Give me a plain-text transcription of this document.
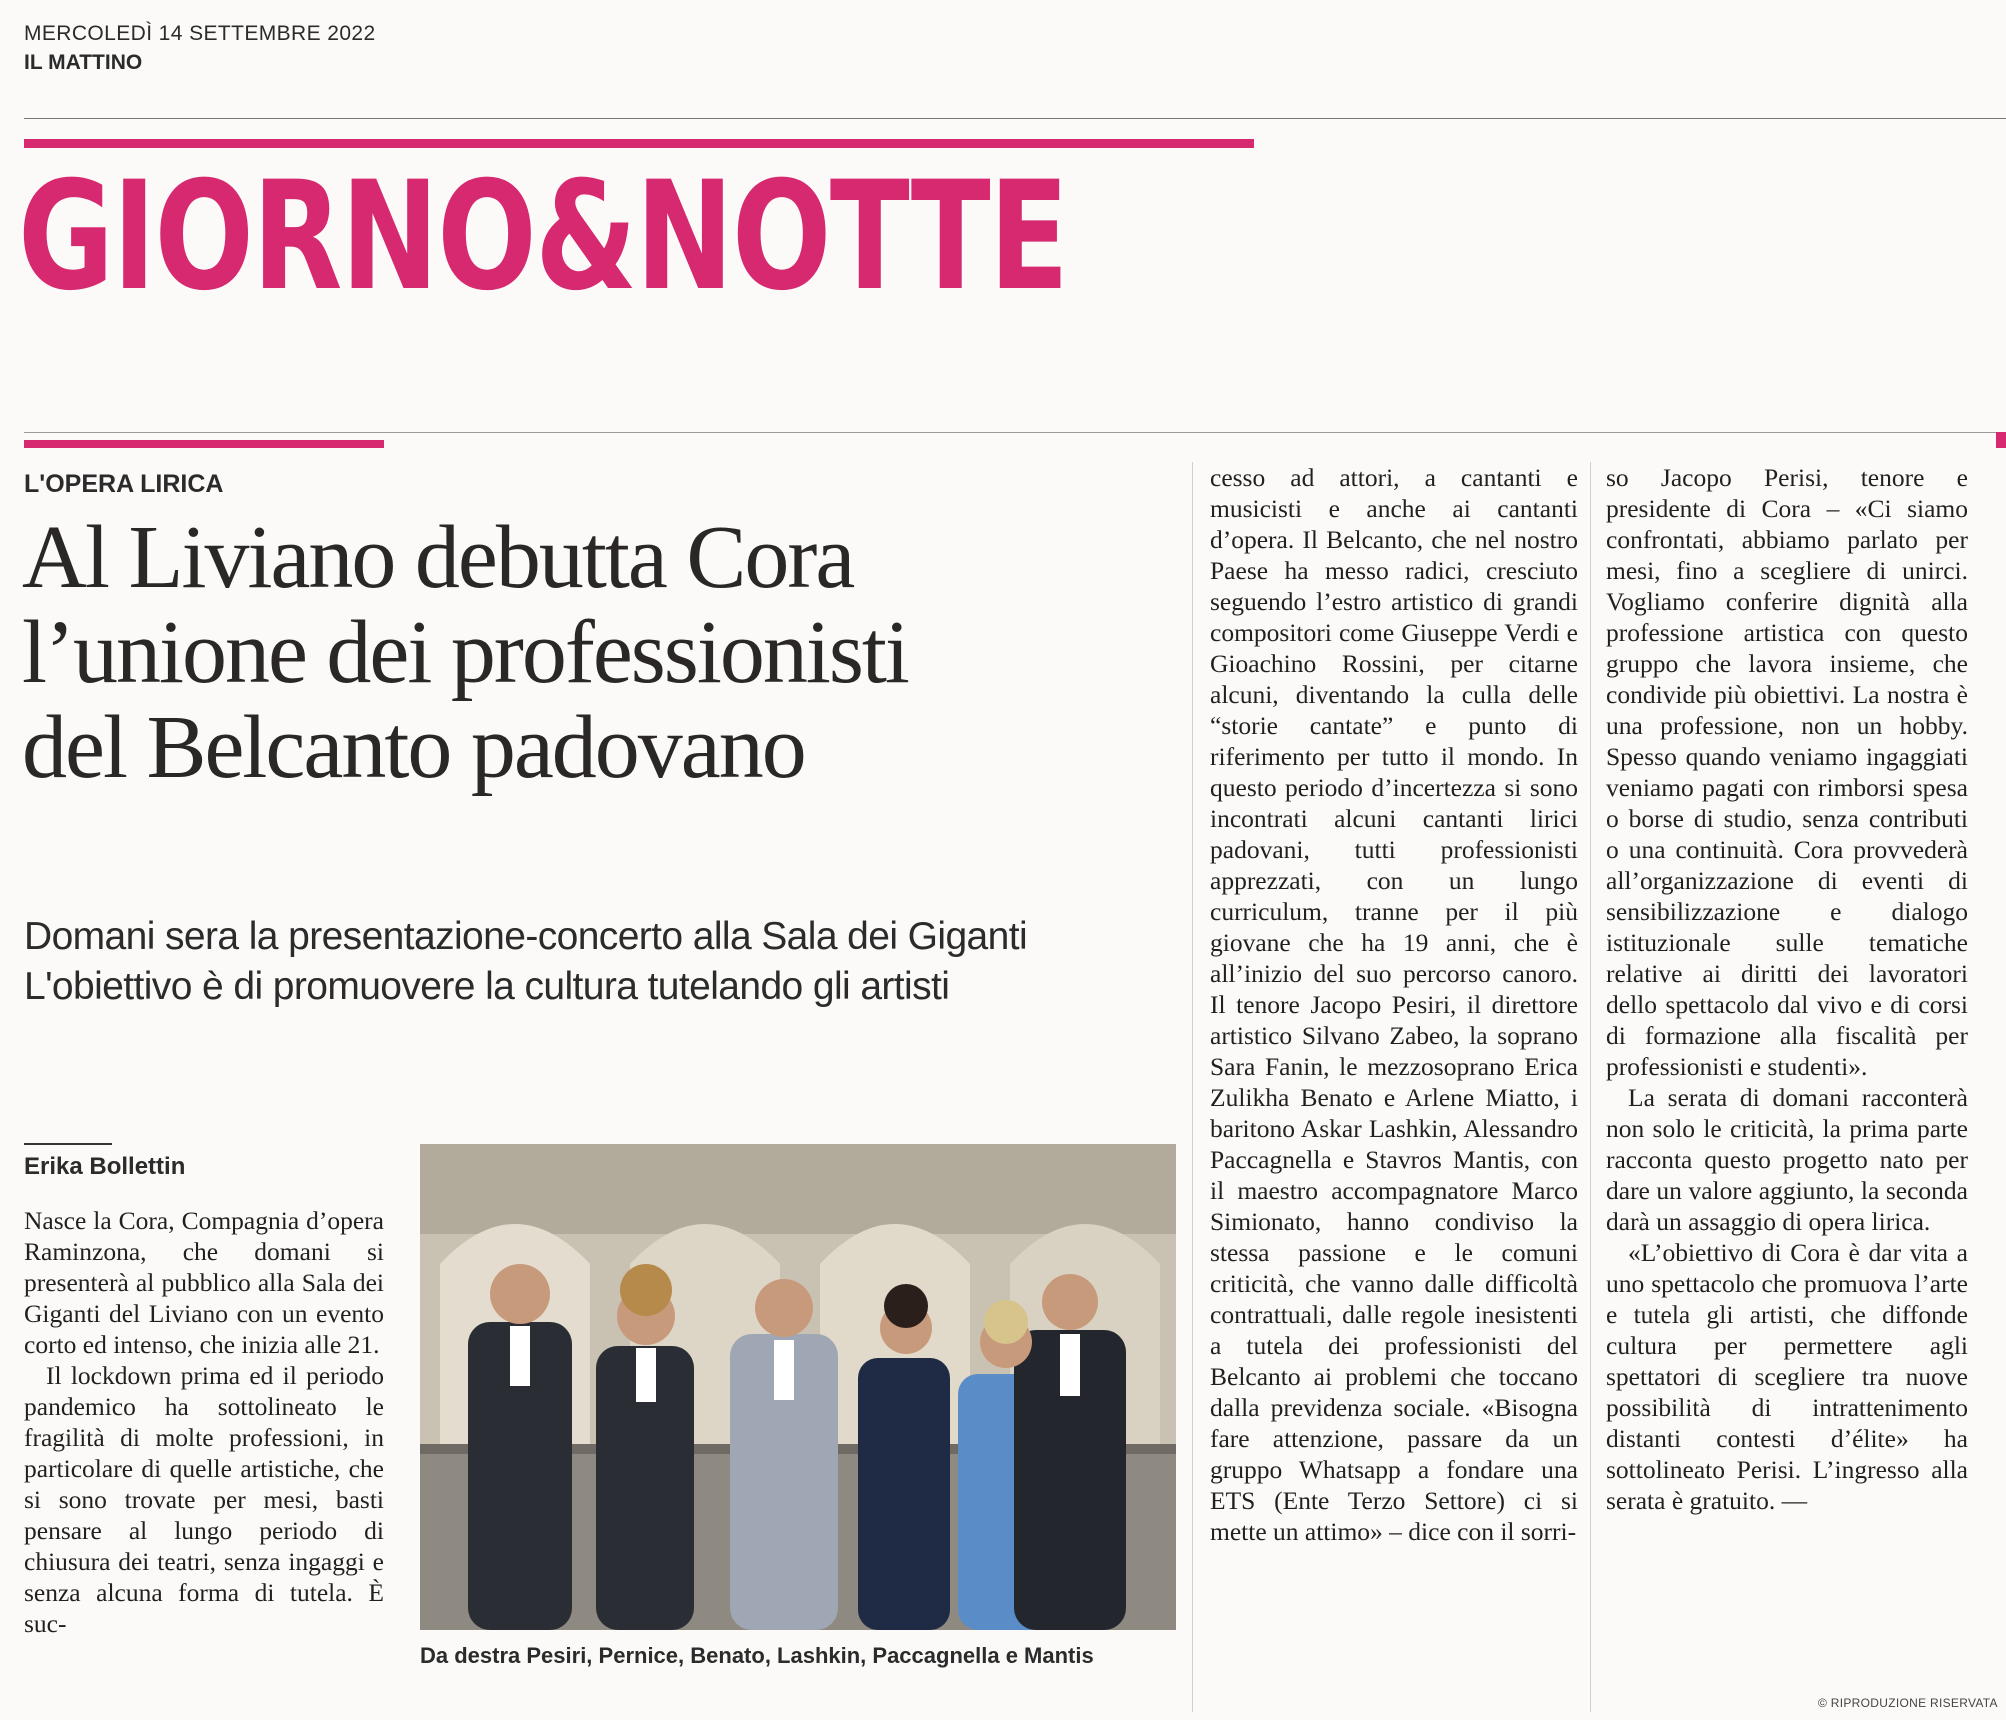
MERCOLEDÌ 14 SETTEMBRE 2022
IL MATTINO
GIORNO&NOTTE
L'OPERA LIRICA
Al Liviano debutta Cora
l’unione dei professionisti
del Belcanto padovano
Domani sera la presentazione-concerto alla Sala dei Giganti
L'obiettivo è di promuovere la cultura tutelando gli artisti
Erika Bollettin

Nasce la Cora, Compagnia d’opera Raminzona, che domani si presenterà al pubblico alla Sala dei Giganti del Liviano con un evento corto ed intenso, che inizia alle 21.

Il lockdown prima ed il periodo pandemico ha sottolineato le fragilità di molte professioni, in particolare di quelle artistiche, che si sono trovate per mesi, basti pensare al lungo periodo di chiusura dei teatri, senza ingaggi e senza alcuna forma di tutela. È suc-

Da destra Pesiri, Pernice, Benato, Lashkin, Paccagnella e Mantis

cesso ad attori, a cantanti e musicisti e anche ai cantanti d’opera. Il Belcanto, che nel nostro Paese ha messo radici, cresciuto seguendo l’estro artistico di grandi compositori come Giuseppe Verdi e Gioachino Rossini, per citarne alcuni, diventando la culla delle “storie cantate” e punto di riferimento per tutto il mondo. In questo periodo d’incertezza si sono incontrati alcuni cantanti lirici padovani, tutti professionisti apprezzati, con un lungo curriculum, tranne per il più giovane che ha 19 anni, che è all’inizio del suo percorso canoro. Il tenore Jacopo Pesiri, il direttore artistico Silvano Zabeo, la soprano Sara Fanin, le mezzosoprano Erica Zulikha Benato e Arlene Miatto, i baritono Askar Lashkin, Alessandro Paccagnella e Stavros Mantis, con il maestro accompagnatore Marco Simionato, hanno condiviso la stessa passione e le comuni criticità, che vanno dalle difficoltà contrattuali, dalle regole inesistenti a tutela dei professionisti del Belcanto ai problemi che toccano dalla previdenza sociale. «Bisogna fare attenzione, passare da un gruppo Whatsapp a fondare una ETS (Ente Terzo Settore) ci si mette un attimo» – dice con il sorri-

so Jacopo Perisi, tenore e presidente di Cora – «Ci siamo confrontati, abbiamo parlato per mesi, fino a scegliere di unirci. Vogliamo conferire dignità alla professione artistica con questo gruppo che lavora insieme, che condivide più obiettivi. La nostra è una professione, non un hobby. Spesso quando veniamo ingaggiati veniamo pagati con rimborsi spesa o borse di studio, senza contributi o una continuità. Cora provvederà all’organizzazione di eventi di sensibilizzazione e dialogo istituzionale sulle tematiche relative ai diritti dei lavoratori dello spettacolo dal vivo e di corsi di formazione alla fiscalità per professionisti e studenti».

La serata di domani racconterà non solo le criticità, la prima parte racconta questo progetto nato per dare un valore aggiunto, la seconda darà un assaggio di opera lirica.

«L’obiettivo di Cora è dar vita a uno spettacolo che promuova l’arte e tutela gli artisti, che diffonde cultura per permettere agli spettatori di scegliere tra nuove possibilità di intrattenimento distanti contesti d’élite» ha sottolineato Perisi. L’ingresso alla serata è gratuito. —

© RIPRODUZIONE RISERVATA
